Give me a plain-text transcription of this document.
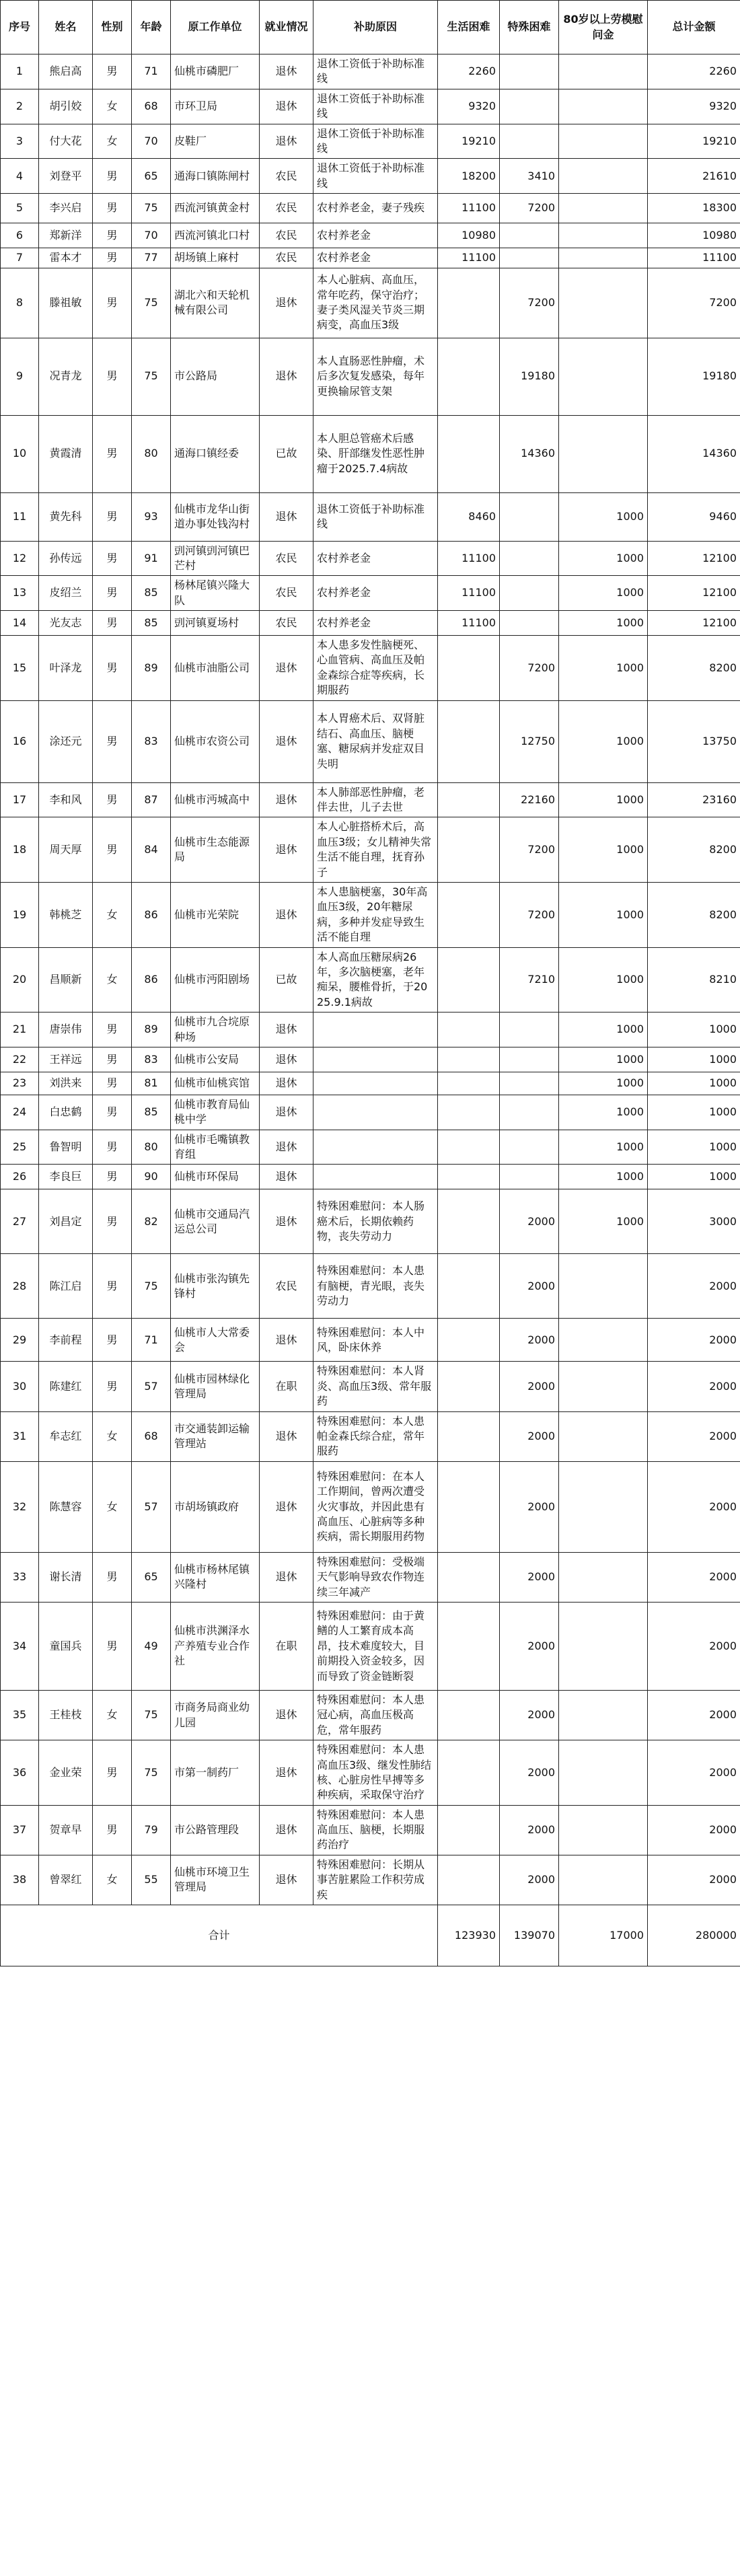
序号	姓名	性别	年龄	原工作单位	就业情况	补助原因	生活困难	特殊困难	80岁以上劳模慰问金	总计金额
1	熊启高	男	71	仙桃市磷肥厂	退休	退休工资低于补助标准线	2260			2260
2	胡引姣	女	68	市环卫局	退休	退休工资低于补助标准线	9320			9320
3	付大花	女	70	皮鞋厂	退休	退休工资低于补助标准线	19210			19210
4	刘登平	男	65	通海口镇陈闸村	农民	退休工资低于补助标准线	18200	3410		21610
5	李兴启	男	75	西流河镇黄金村	农民	农村养老金，妻子残疾	11100	7200		18300
6	郑新洋	男	70	西流河镇北口村	农民	农村养老金	10980			10980
7	雷本才	男	77	胡场镇上麻村	农民	农村养老金	11100			11100
8	滕祖敏	男	75	湖北六和天轮机械有限公司	退休	本人心脏病、高血压，常年吃药，保守治疗；妻子类风湿关节炎三期病变，高血压3级		7200		7200
9	况青龙	男	75	市公路局	退休	本人直肠恶性肿瘤，术后多次复发感染，每年更换输尿管支架		19180		19180
10	黄霞清	男	80	通海口镇经委	已故	本人胆总管癌术后感染、肝部继发性恶性肿瘤于2025.7.4病故		14360		14360
11	黄先科	男	93	仙桃市龙华山街道办事处钱沟村	退休	退休工资低于补助标准线	8460		1000	9460
12	孙传远	男	91	剅河镇剅河镇巴芒村	农民	农村养老金	11100		1000	12100
13	皮绍兰	男	85	杨林尾镇兴隆大队	农民	农村养老金	11100		1000	12100
14	光友志	男	85	剅河镇夏场村	农民	农村养老金	11100		1000	12100
15	叶泽龙	男	89	仙桃市油脂公司	退休	本人患多发性脑梗死、心血管病、高血压及帕金森综合症等疾病，长期服药		7200	1000	8200
16	涂还元	男	83	仙桃市农资公司	退休	本人胃癌术后、双肾脏结石、高血压、脑梗塞、糖尿病并发症双目失明		12750	1000	13750
17	李和风	男	87	仙桃市沔城高中	退休	本人肺部恶性肿瘤，老伴去世，儿子去世		22160	1000	23160
18	周天厚	男	84	仙桃市生态能源局	退休	本人心脏搭桥术后，高血压3级；女儿精神失常生活不能自理，抚育孙子		7200	1000	8200
19	韩桃芝	女	86	仙桃市光荣院	退休	本人患脑梗塞，30年高血压3级，20年糖尿病，多种并发症导致生活不能自理		7200	1000	8200
20	昌顺新	女	86	仙桃市沔阳剧场	已故	本人高血压糖尿病26年，多次脑梗塞，老年痴呆，腰椎骨折，于2025.9.1病故		7210	1000	8210
21	唐崇伟	男	89	仙桃市九合垸原种场	退休				1000	1000
22	王祥远	男	83	仙桃市公安局	退休				1000	1000
23	刘洪来	男	81	仙桃市仙桃宾馆	退休				1000	1000
24	白忠鹤	男	85	仙桃市教育局仙桃中学	退休				1000	1000
25	鲁智明	男	80	仙桃市毛嘴镇教育组	退休				1000	1000
26	李良巨	男	90	仙桃市环保局	退休				1000	1000
27	刘昌定	男	82	仙桃市交通局汽运总公司	退休	特殊困难慰问：本人肠癌术后，长期依赖药物，丧失劳动力		2000	1000	3000
28	陈江启	男	75	仙桃市张沟镇先锋村	农民	特殊困难慰问：本人患有脑梗，青光眼，丧失劳动力		2000		2000
29	李前程	男	71	仙桃市人大常委会	退休	特殊困难慰问：本人中风，卧床休养		2000		2000
30	陈建红	男	57	仙桃市园林绿化管理局	在职	特殊困难慰问：本人肾炎、高血压3级、常年服药		2000		2000
31	牟志红	女	68	市交通装卸运输管理站	退休	特殊困难慰问：本人患帕金森氏综合症，常年服药		2000		2000
32	陈慧容	女	57	市胡场镇政府	退休	特殊困难慰问：在本人工作期间，曾两次遭受火灾事故，并因此患有高血压、心脏病等多种疾病，需长期服用药物		2000		2000
33	谢长清	男	65	仙桃市杨林尾镇兴隆村	退休	特殊困难慰问：受极端天气影响导致农作物连续三年减产		2000		2000
34	童国兵	男	49	仙桃市洪渊泽水产养殖专业合作社	在职	特殊困难慰问：由于黄鳝的人工繁育成本高昂，技术难度较大，目前期投入资金较多，因而导致了资金链断裂		2000		2000
35	王桂枝	女	75	市商务局商业幼儿园	退休	特殊困难慰问：本人患冠心病，高血压极高危，常年服药		2000		2000
36	金业荣	男	75	市第一制药厂	退休	特殊困难慰问：本人患高血压3级、继发性肺结核、心脏房性早搏等多种疾病，采取保守治疗		2000		2000
37	贺章早	男	79	市公路管理段	退休	特殊困难慰问：本人患高血压、脑梗，长期服药治疗		2000		2000
38	曾翠红	女	55	仙桃市环境卫生管理局	退休	特殊困难慰问：长期从事苦脏累险工作积劳成疾		2000		2000
合计							123930	139070	17000	280000
